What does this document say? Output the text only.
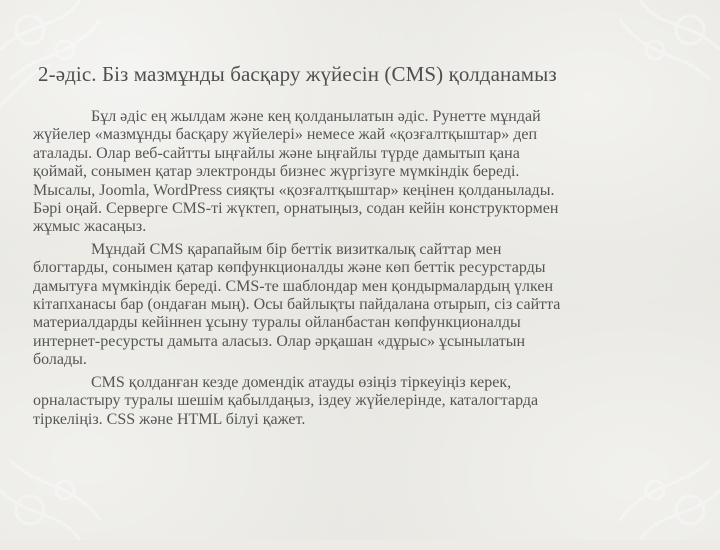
2-әдіс. Біз мазмұнды басқару жүйесін (CMS) қолданамыз

Бұл әдіс ең жылдам және кең қолданылатын әдіс. Рунетте мұндай
жүйелер «мазмұнды басқару жүйелері» немесе жай «қозғалтқыштар» деп
аталады. Олар веб-сайтты ыңғайлы және ыңғайлы түрде дамытып қана
қоймай, сонымен қатар электронды бизнес жүргізуге мүмкіндік береді.
Мысалы, Joomla, WordPress сияқты «қозғалтқыштар» кеңінен қолданылады.
Бәрі оңай. Серверге CMS-ті жүктеп, орнатыңыз, содан кейін конструктормен
жұмыс жасаңыз.

Мұндай CMS қарапайым бір беттік визиткалық сайттар мен
блогтарды, сонымен қатар көпфункционалды және көп беттік ресурстарды
дамытуға мүмкіндік береді. CMS-те шаблондар мен қондырмалардың үлкен
кітапханасы бар (ондаған мың). Осы байлықты пайдалана отырып, сіз сайтта
материалдарды кейіннен ұсыну туралы ойланбастан көпфункционалды
интернет-ресурсты дамыта аласыз. Олар әрқашан «дұрыс» ұсынылатын
болады.

CMS қолданған кезде домендік атауды өзіңіз тіркеуіңіз керек,
орналастыру туралы шешім қабылдаңыз, іздеу жүйелерінде, каталогтарда
тіркеліңіз. CSS және HTML білуі қажет.
